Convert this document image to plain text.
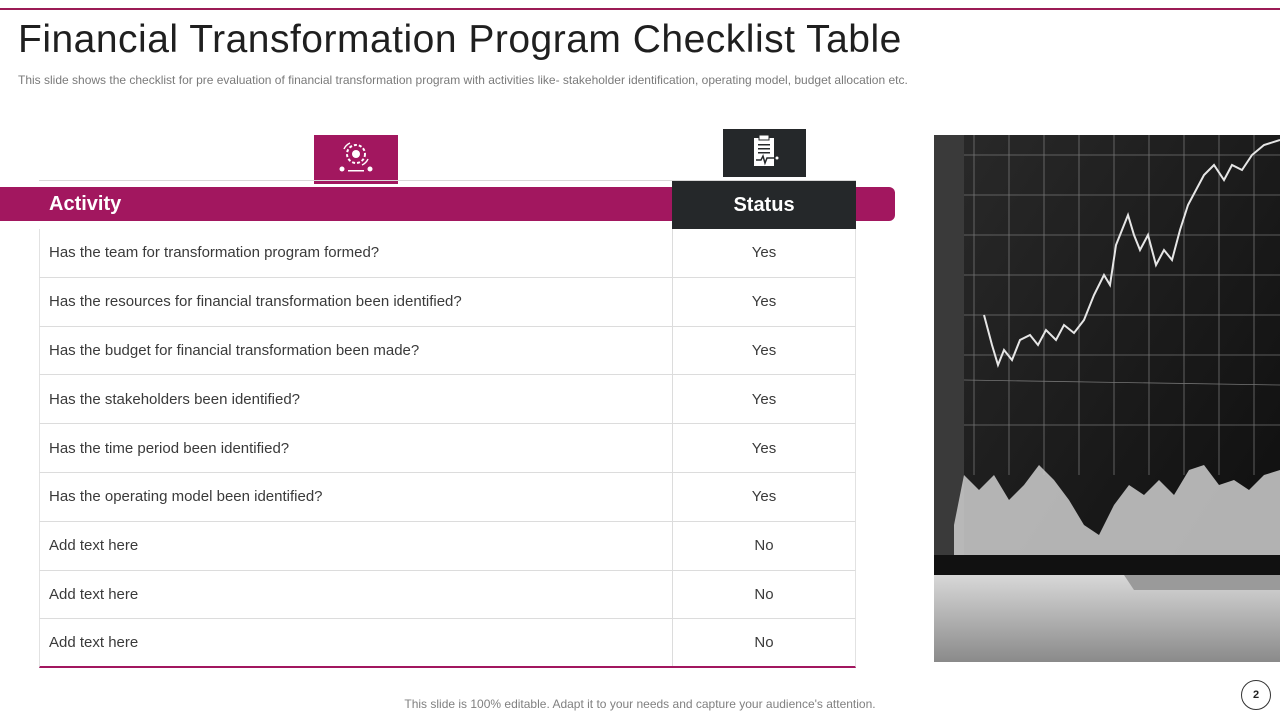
Financial Transformation Program Checklist Table
This slide shows the checklist for pre evaluation of financial transformation program with activities like- stakeholder identification, operating model, budget allocation etc.
Activity	Status
Has the team for transformation program formed?	Yes
Has the resources for financial transformation been identified?	Yes
Has the budget for financial transformation been made?	Yes
Has the stakeholders been identified?	Yes
Has the time period been identified?	Yes
Has the operating model been identified?	Yes
Add text here	No
Add text here	No
Add text here	No
This slide is 100% editable. Adapt it to your needs and capture your audience's attention.
2
